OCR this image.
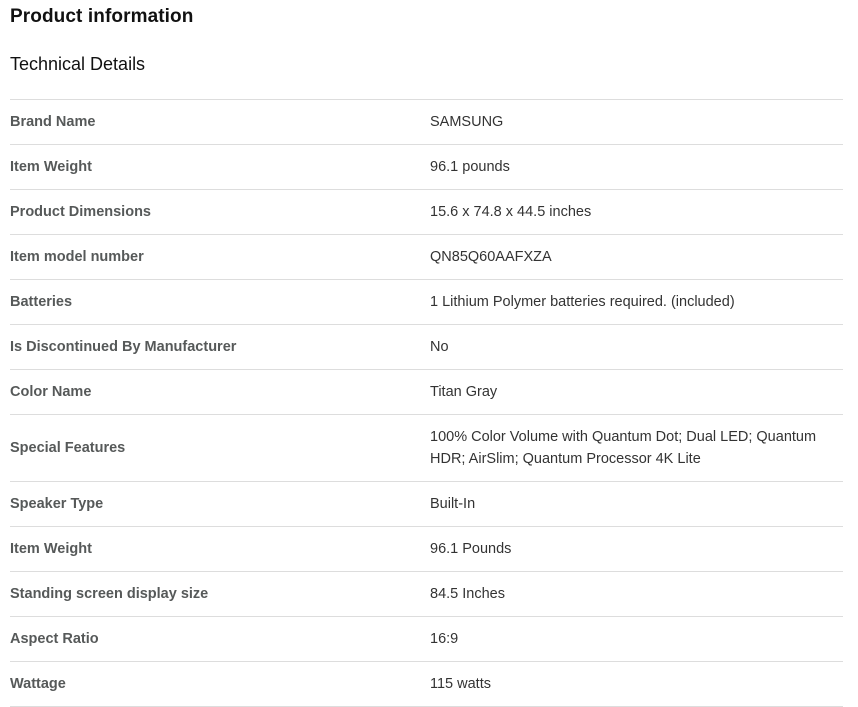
Product information
Technical Details
Brand Name	SAMSUNG
Item Weight	96.1 pounds
Product Dimensions	15.6 x 74.8 x 44.5 inches
Item model number	QN85Q60AAFXZA
Batteries	1 Lithium Polymer batteries required. (included)
Is Discontinued By Manufacturer	No
Color Name	Titan Gray
Special Features	100% Color Volume with Quantum Dot; Dual LED; Quantum HDR; AirSlim; Quantum Processor 4K Lite
Speaker Type	Built-In
Item Weight	96.1 Pounds
Standing screen display size	84.5 Inches
Aspect Ratio	16:9
Wattage	115 watts
